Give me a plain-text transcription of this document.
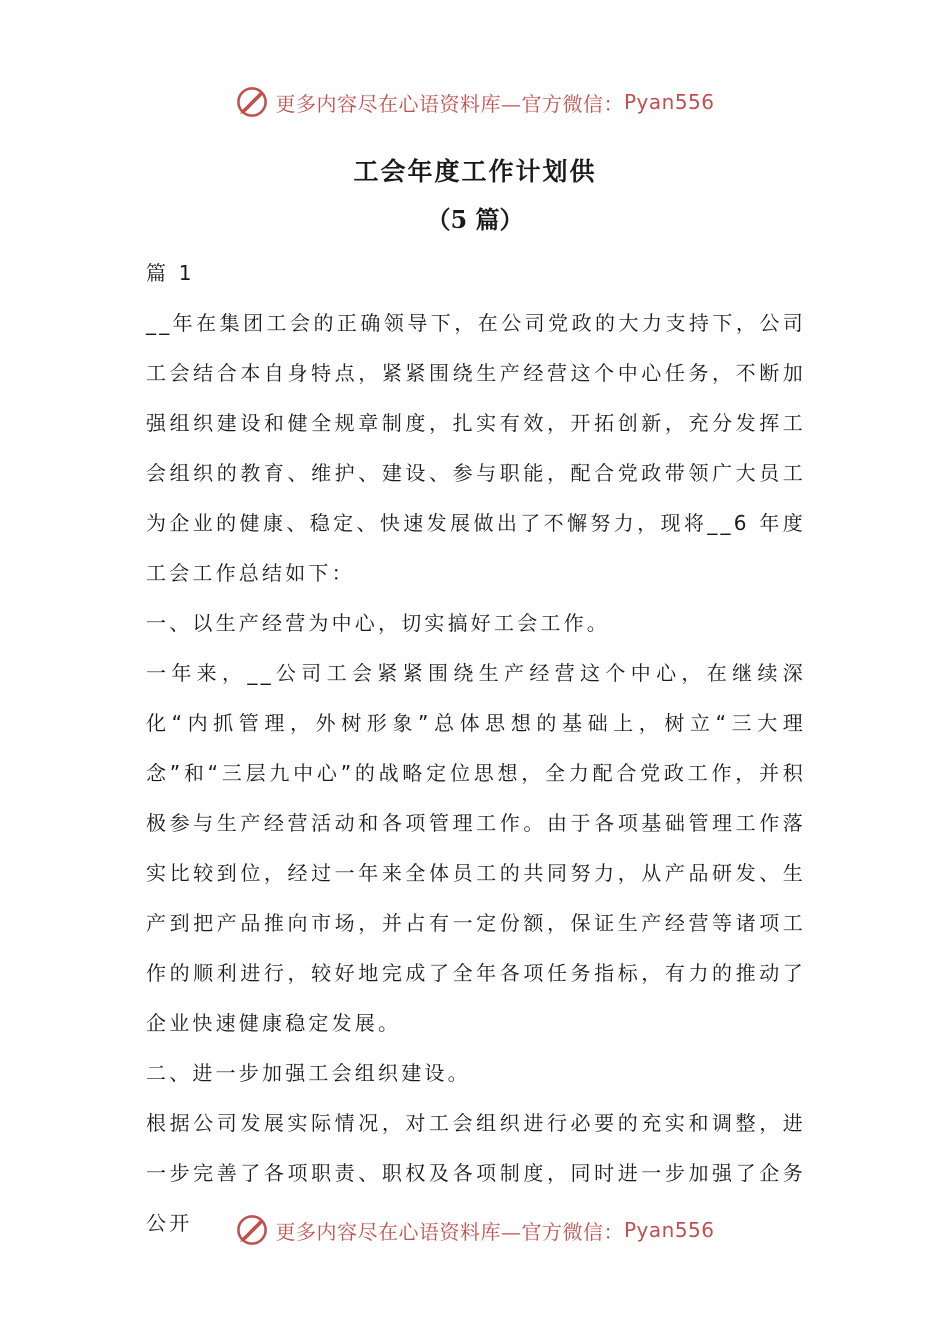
更多内容尽在心语资料库—官方微信： Pyan556
工会年度工作计划供
（5 篇）

篇 1

__年在集团工会的正确领导下，在公司党政的大力支持下，公司工会结合本自身特点，紧紧围绕生产经营这个中心任务，不断加强组织建设和健全规章制度，扎实有效，开拓创新，充分发挥工会组织的教育、维护、建设、参与职能，配合党政带领广大员工为企业的健康、稳定、快速发展做出了不懈努力，现将__6 年度工会工作总结如下：

一、以生产经营为中心，切实搞好工会工作。

一年来，__公司工会紧紧围绕生产经营这个中心，在继续深化“内抓管理，外树形象”总体思想的基础上，树立“三大理念”和“三层九中心”的战略定位思想，全力配合党政工作，并积极参与生产经营活动和各项管理工作。由于各项基础管理工作落实比较到位，经过一年来全体员工的共同努力，从产品研发、生产到把产品推向市场，并占有一定份额，保证生产经营等诸项工作的顺利进行，较好地完成了全年各项任务指标，有力的推动了企业快速健康稳定发展。

二、进一步加强工会组织建设。

根据公司发展实际情况，对工会组织进行必要的充实和调整，进一步完善了各项职责、职权及各项制度，同时进一步加强了企务公开	更多内容尽在心语资料库—官方微信： Pyan556
